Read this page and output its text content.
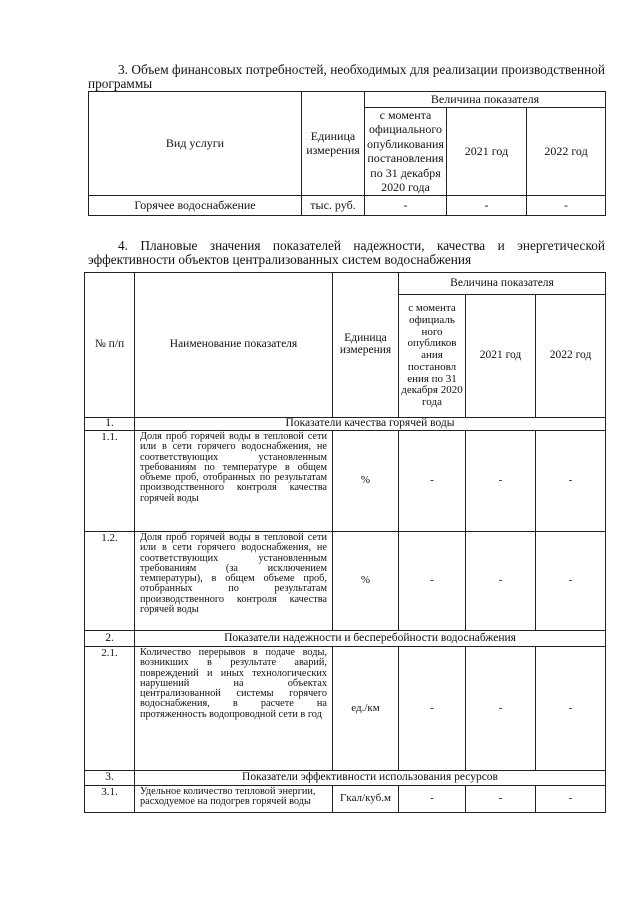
3. Объем финансовых потребностей, необходимых для реализации производственной

программы

Вид услуги	Единица измерения	Величина показателя		
		с момента официального опубликования постановления по 31 декабря 2020 года	2021 год	2022 год
Горячее водоснабжение	тыс. руб.	-	-	-

4. Плановые значения показателей надежности, качества и энергетической

эффективности объектов централизованных систем водоснабжения

№ п/п	Наименование показателя	Единица измерения	Величина показателя		
			с момента официаль ного опубликов ания постановл ения по 31 декабря 2020 года	2021 год	2022 год
1.	Показатели качества горячей воды				
1.1.	Доля проб горячей воды в тепловой сети или в сети горячего водоснабжения, не соответствующих установленным требованиям по температуре в общем объеме проб, отобранных по результатам производственного контроля качества горячей воды	%	-	-	-
1.2.	Доля проб горячей воды в тепловой сети или в сети горячего водоснабжения, не соответствующих установленным требованиям (за исключением температуры), в общем объеме проб, отобранных по результатам производственного контроля качества горячей воды	%	-	-	-
2.	Показатели надежности и бесперебойности водоснабжения				
2.1.	Количество перерывов в подаче воды, возникших в результате аварий, повреждений и иных технологических нарушений на объектах централизованной системы горячего водоснабжения, в расчете на протяженность водопроводной сети в год	ед./км	-	-	-
3.	Показатели эффективности использования ресурсов				
3.1.	Удельное количество тепловой энергии, расходуемое на подогрев горячей воды	Гкал/куб.м	-	-	-
